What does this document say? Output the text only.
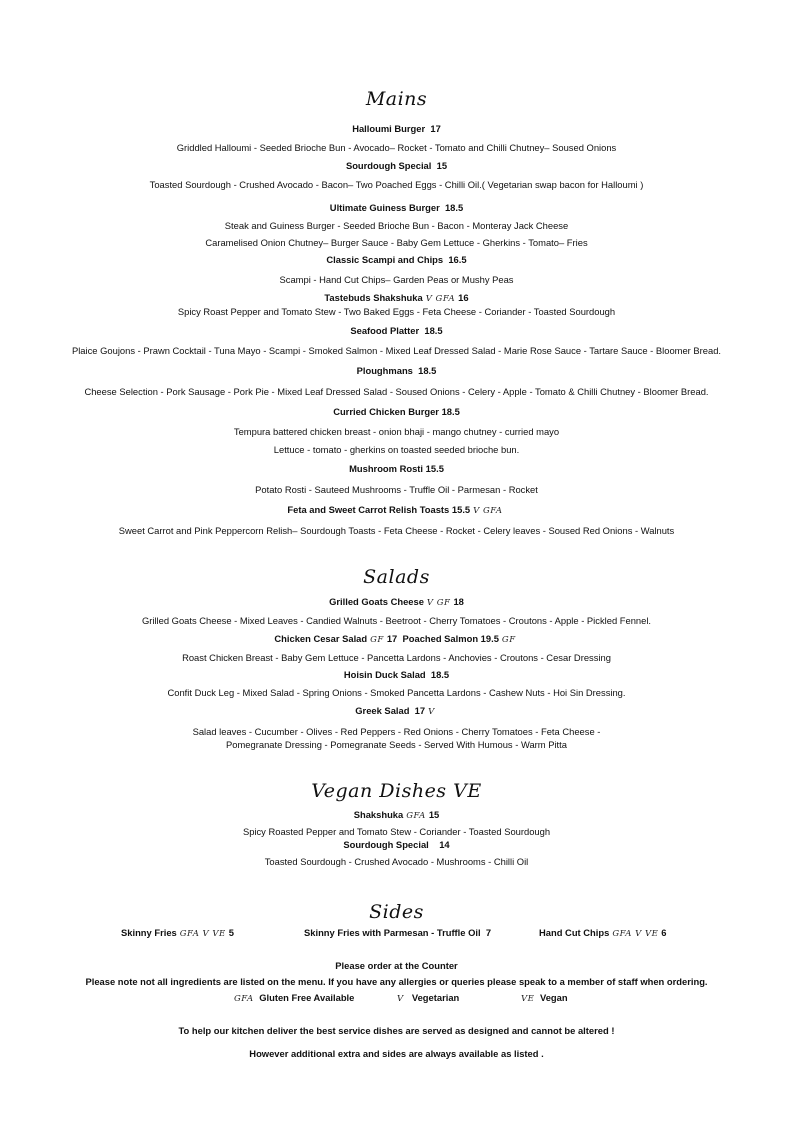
Mains
Halloumi Burger 17
Griddled Halloumi - Seeded Brioche Bun - Avocado– Rocket - Tomato and Chilli Chutney– Soused Onions
Sourdough Special 15
Toasted Sourdough - Crushed Avocado - Bacon– Two Poached Eggs - Chilli Oil.( Vegetarian swap bacon for Halloumi )
Ultimate Guiness Burger 18.5
Steak and Guiness Burger - Seeded Brioche Bun - Bacon - Monteray Jack Cheese
Caramelised Onion Chutney– Burger Sauce - Baby Gem Lettuce - Gherkins - Tomato– Fries
Classic Scampi and Chips 16.5
Scampi - Hand Cut Chips– Garden Peas or Mushy Peas
Tastebuds Shakshuka V GFA 16
Spicy Roast Pepper and Tomato Stew - Two Baked Eggs - Feta Cheese - Coriander - Toasted Sourdough
Seafood Platter 18.5
Plaice Goujons - Prawn Cocktail - Tuna Mayo - Scampi - Smoked Salmon - Mixed Leaf Dressed Salad - Marie Rose Sauce - Tartare Sauce - Bloomer Bread.
Ploughmans 18.5
Cheese Selection - Pork Sausage - Pork Pie - Mixed Leaf Dressed Salad - Soused Onions - Celery - Apple - Tomato & Chilli Chutney - Bloomer Bread.
Curried Chicken Burger 18.5
Tempura battered chicken breast - onion bhaji - mango chutney - curried mayo
Lettuce - tomato - gherkins on toasted seeded brioche bun.
Mushroom Rosti 15.5
Potato Rosti - Sauteed Mushrooms - Truffle Oil - Parmesan - Rocket
Feta and Sweet Carrot Relish Toasts 15.5 V GFA
Sweet Carrot and Pink Peppercorn Relish– Sourdough Toasts - Feta Cheese - Rocket - Celery leaves - Soused Red Onions - Walnuts
Salads
Grilled Goats Cheese V GF 18
Grilled Goats Cheese - Mixed Leaves - Candied Walnuts - Beetroot - Cherry Tomatoes - Croutons - Apple - Pickled Fennel.
Chicken Cesar Salad GF 17 Poached Salmon 19.5 GF
Roast Chicken Breast - Baby Gem Lettuce - Pancetta Lardons - Anchovies - Croutons - Cesar Dressing
Hoisin Duck Salad 18.5
Confit Duck Leg - Mixed Salad - Spring Onions - Smoked Pancetta Lardons - Cashew Nuts - Hoi Sin Dressing.
Greek Salad 17 V
Salad leaves - Cucumber - Olives - Red Peppers - Red Onions - Cherry Tomatoes - Feta Cheese -
Pomegranate Dressing - Pomegranate Seeds - Served With Humous - Warm Pitta
Vegan Dishes VE
Shakshuka GFA 15
Spicy Roasted Pepper and Tomato Stew - Coriander - Toasted Sourdough
Sourdough Special 14
Toasted Sourdough - Crushed Avocado - Mushrooms - Chilli Oil
Sides
Skinny Fries GFA V VE 5	Skinny Fries with Parmesan - Truffle Oil 7	Hand Cut Chips GFA V VE 6
Please order at the Counter
Please note not all ingredients are listed on the menu. If you have any allergies or queries please speak to a member of staff when ordering.
GFA Gluten Free Available	V Vegetarian	VE Vegan
To help our kitchen deliver the best service dishes are served as designed and cannot be altered !
However additional extra and sides are always available as listed .
